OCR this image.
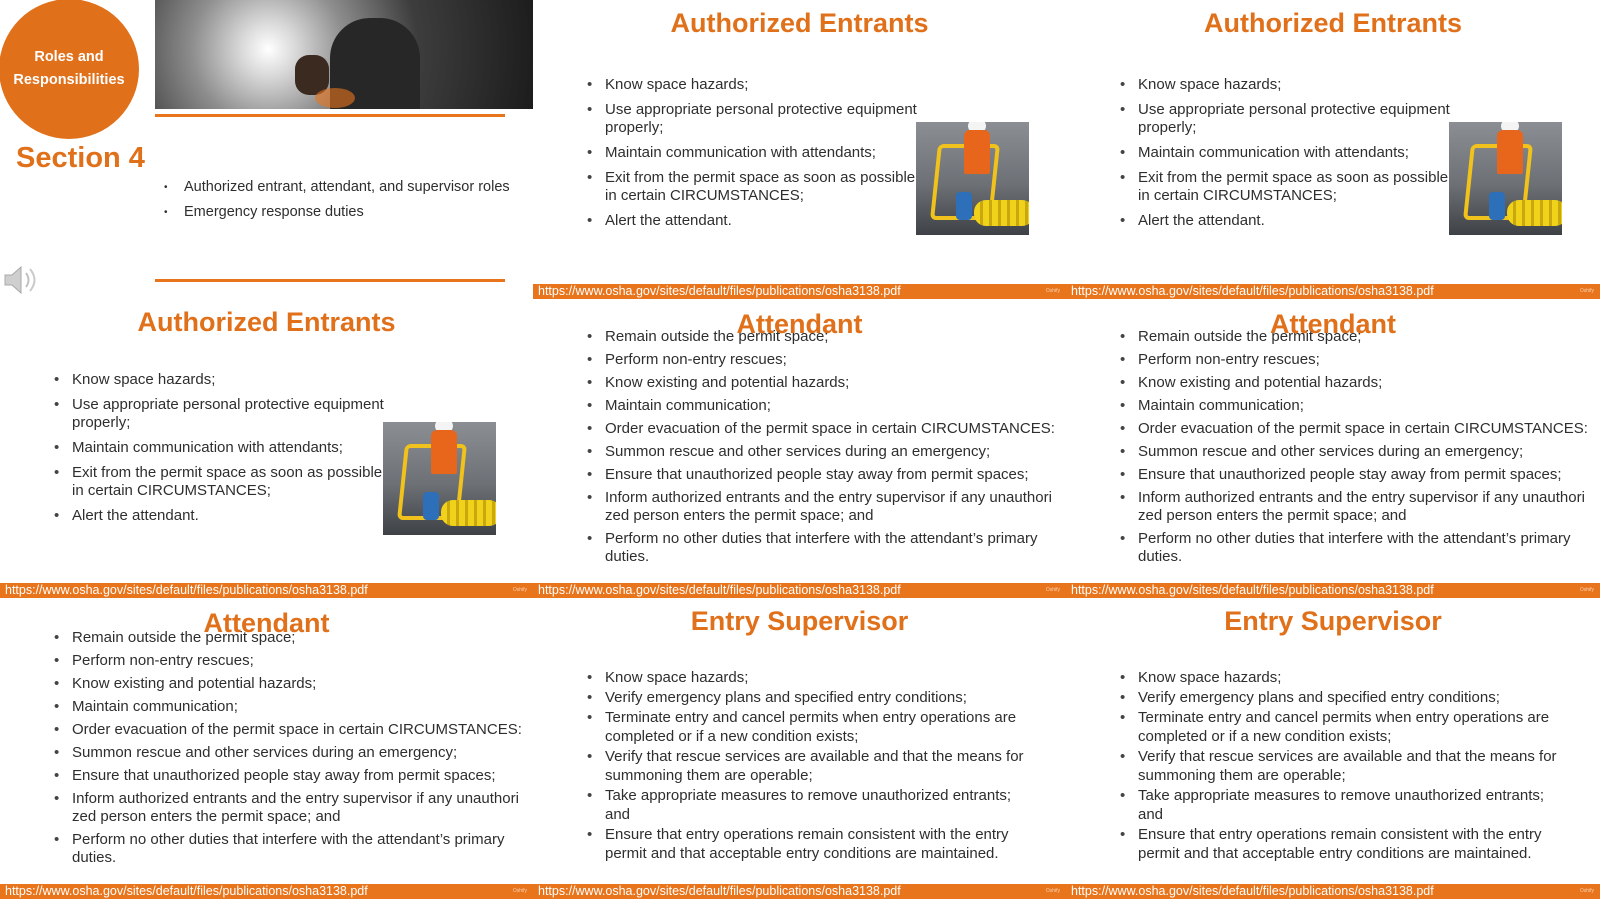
Roles and
Responsibilities
Section 4
• Authorized entrant, attendant, and supervisor roles
• Emergency response duties
Authorized Entrants
• Know space hazards;
• Use appropriate personal protective equipment properly;
• Maintain communication with attendants;
• Exit from the permit space as soon as possible in certain CIRCUMSTANCES;
• Alert the attendant.
https://www.osha.gov/sites/default/files/publications/osha3138.pdf	Oshify
Authorized Entrants
• Know space hazards;
• Use appropriate personal protective equipment properly;
• Maintain communication with attendants;
• Exit from the permit space as soon as possible in certain CIRCUMSTANCES;
• Alert the attendant.
https://www.osha.gov/sites/default/files/publications/osha3138.pdf	Oshify
Authorized Entrants
• Know space hazards;
• Use appropriate personal protective equipment properly;
• Maintain communication with attendants;
• Exit from the permit space as soon as possible in certain CIRCUMSTANCES;
• Alert the attendant.
https://www.osha.gov/sites/default/files/publications/osha3138.pdf	Oshify
Attendant
• Remain outside the permit space;
• Perform non-entry rescues;
• Know existing and potential hazards;
• Maintain communication;
• Order evacuation of the permit space in certain CIRCUMSTANCES:
• Summon rescue and other services during an emergency;
• Ensure that unauthorized people stay away from permit spaces;
• Inform authorized entrants and the entry supervisor if any unauthori zed person enters the permit space; and
• Perform no other duties that interfere with the attendant’s primary duties.
https://www.osha.gov/sites/default/files/publications/osha3138.pdf	Oshify
Attendant
• Remain outside the permit space;
• Perform non-entry rescues;
• Know existing and potential hazards;
• Maintain communication;
• Order evacuation of the permit space in certain CIRCUMSTANCES:
• Summon rescue and other services during an emergency;
• Ensure that unauthorized people stay away from permit spaces;
• Inform authorized entrants and the entry supervisor if any unauthori zed person enters the permit space; and
• Perform no other duties that interfere with the attendant’s primary duties.
https://www.osha.gov/sites/default/files/publications/osha3138.pdf	Oshify
Attendant
• Remain outside the permit space;
• Perform non-entry rescues;
• Know existing and potential hazards;
• Maintain communication;
• Order evacuation of the permit space in certain CIRCUMSTANCES:
• Summon rescue and other services during an emergency;
• Ensure that unauthorized people stay away from permit spaces;
• Inform authorized entrants and the entry supervisor if any unauthori zed person enters the permit space; and
• Perform no other duties that interfere with the attendant’s primary duties.
https://www.osha.gov/sites/default/files/publications/osha3138.pdf	Oshify
Entry Supervisor
• Know space hazards;
• Verify emergency plans and specified entry conditions;
• Terminate entry and cancel permits when entry operations are completed or if a new condition exists;
• Verify that rescue services are available and that the means for summoning them are operable;
• Take appropriate measures to remove unauthorized entrants; and
• Ensure that entry operations remain consistent with the entry permit and that acceptable entry conditions are maintained.
https://www.osha.gov/sites/default/files/publications/osha3138.pdf	Oshify
Entry Supervisor
• Know space hazards;
• Verify emergency plans and specified entry conditions;
• Terminate entry and cancel permits when entry operations are completed or if a new condition exists;
• Verify that rescue services are available and that the means for summoning them are operable;
• Take appropriate measures to remove unauthorized entrants; and
• Ensure that entry operations remain consistent with the entry permit and that acceptable entry conditions are maintained.
https://www.osha.gov/sites/default/files/publications/osha3138.pdf	Oshify
